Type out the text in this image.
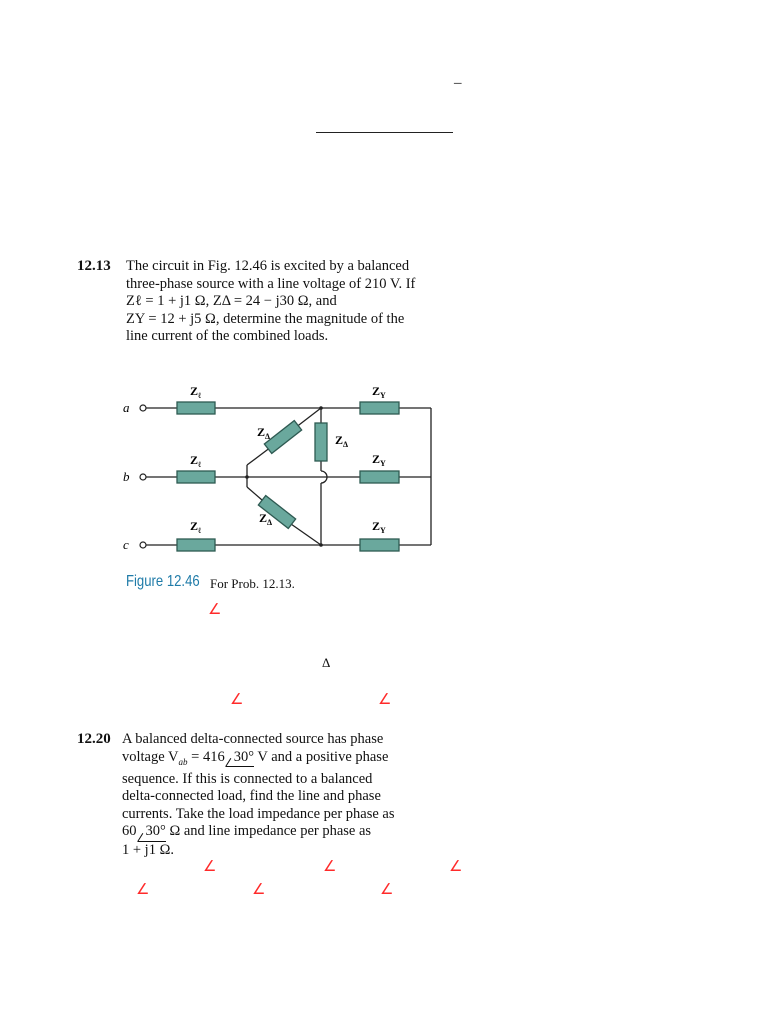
–
12.13 The circuit in Fig. 12.46 is excited by a balanced
three-phase source with a line voltage of 210 V. If
Zℓ = 1 + j1 Ω, ZΔ = 24 − j30 Ω, and
ZY = 12 + j5 Ω, determine the magnitude of the
line current of the combined loads.
a
b
c
$Z_\ell$
$Z_\ell$
$Z_\ell$
$Z_Y$
$Z_Y$
$Z_Y$
$Z_\Delta$	$Z_\Delta$
$Z_\Delta$
Figure 12.46 For Prob. 12.13.
∠
Δ
∠	∠
12.20 A balanced delta-connected source has phase
voltage $V_{ab} = 416$ 30° V and a positive phase
sequence. If this is connected to a balanced
delta-connected load, find the line and phase
currents. Take the load impedance per phase as
60 30° Ω and line impedance per phase as
1 + j1 Ω.
∠	∠	∠
∠	∠	∠
